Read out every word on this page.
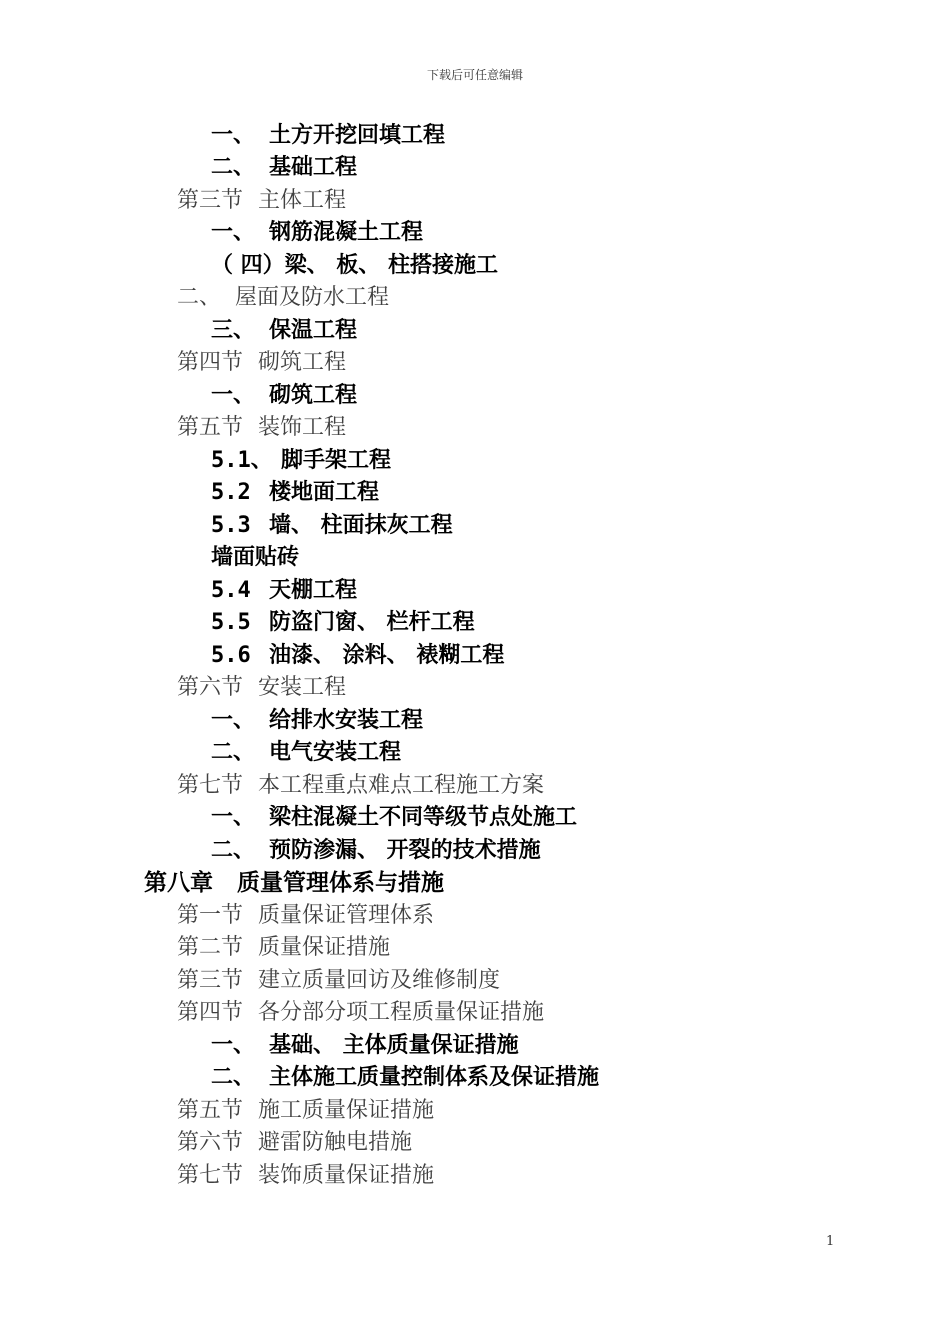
下载后可任意编辑
一、 土方开挖回填工程
二、 基础工程
第三节 主体工程
一、 钢筋混凝土工程
（ 四）梁、 板、 柱搭接施工
二、 屋面及防水工程
三、 保温工程
第四节 砌筑工程
一、 砌筑工程
第五节 装饰工程
5.1、 脚手架工程
5.2 楼地面工程
5.3 墙、 柱面抹灰工程
墙面贴砖
5.4 天棚工程
5.5 防盗门窗、 栏杆工程
5.6 油漆、 涂料、 裱糊工程
第六节 安装工程
一、 给排水安装工程
二、 电气安装工程
第七节 本工程重点难点工程施工方案
一、 梁柱混凝土不同等级节点处施工
二、 预防渗漏、 开裂的技术措施
第八章 质量管理体系与措施
第一节 质量保证管理体系
第二节 质量保证措施
第三节 建立质量回访及维修制度
第四节 各分部分项工程质量保证措施
一、 基础、 主体质量保证措施
二、 主体施工质量控制体系及保证措施
第五节 施工质量保证措施
第六节 避雷防触电措施
第七节 装饰质量保证措施
1
